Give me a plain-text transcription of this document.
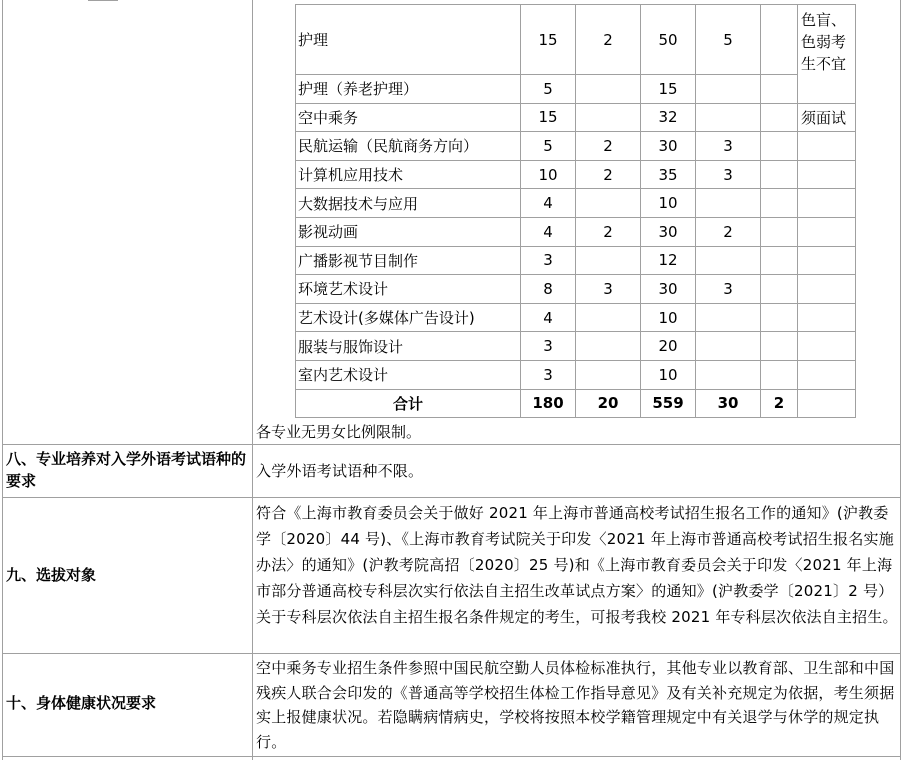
护理	15	2	50	5		色盲、色弱考生不宜
护理（养老护理）	5		15			
空中乘务	15		32			须面试
民航运输（民航商务方向）	5	2	30	3		
计算机应用技术	10	2	35	3		
大数据技术与应用	4		10			
影视动画	4	2	30	2		
广播影视节目制作	3		12			
环境艺术设计	8	3	30	3		
艺术设计(多媒体广告设计)	4		10			
服装与服饰设计	3		20			
室内艺术设计	3		10			
合计	180	20	559	30	2	
各专业无男女比例限制。
八、专业培养对入学外语考试语种的要求
入学外语考试语种不限。
九、选拔对象
符合《上海市教育委员会关于做好 2021 年上海市普通高校考试招生报名工作的通知》(沪教委学〔2020〕44 号)、《上海市教育考试院关于印发〈2021 年上海市普通高校考试招生报名实施办法〉的通知》(沪教考院高招〔2020〕25 号)和《上海市教育委员会关于印发〈2021 年上海市部分普通高校专科层次实行依法自主招生改革试点方案〉的通知》(沪教委学〔2021〕2 号）关于专科层次依法自主招生报名条件规定的考生，可报考我校 2021 年专科层次依法自主招生。
十、身体健康状况要求
空中乘务专业招生条件参照中国民航空勤人员体检标准执行，其他专业以教育部、卫生部和中国残疾人联合会印发的《普通高等学校招生体检工作指导意见》及有关补充规定为依据，考生须据实上报健康状况。若隐瞒病情病史，学校将按照本校学籍管理规定中有关退学与休学的规定执行。
